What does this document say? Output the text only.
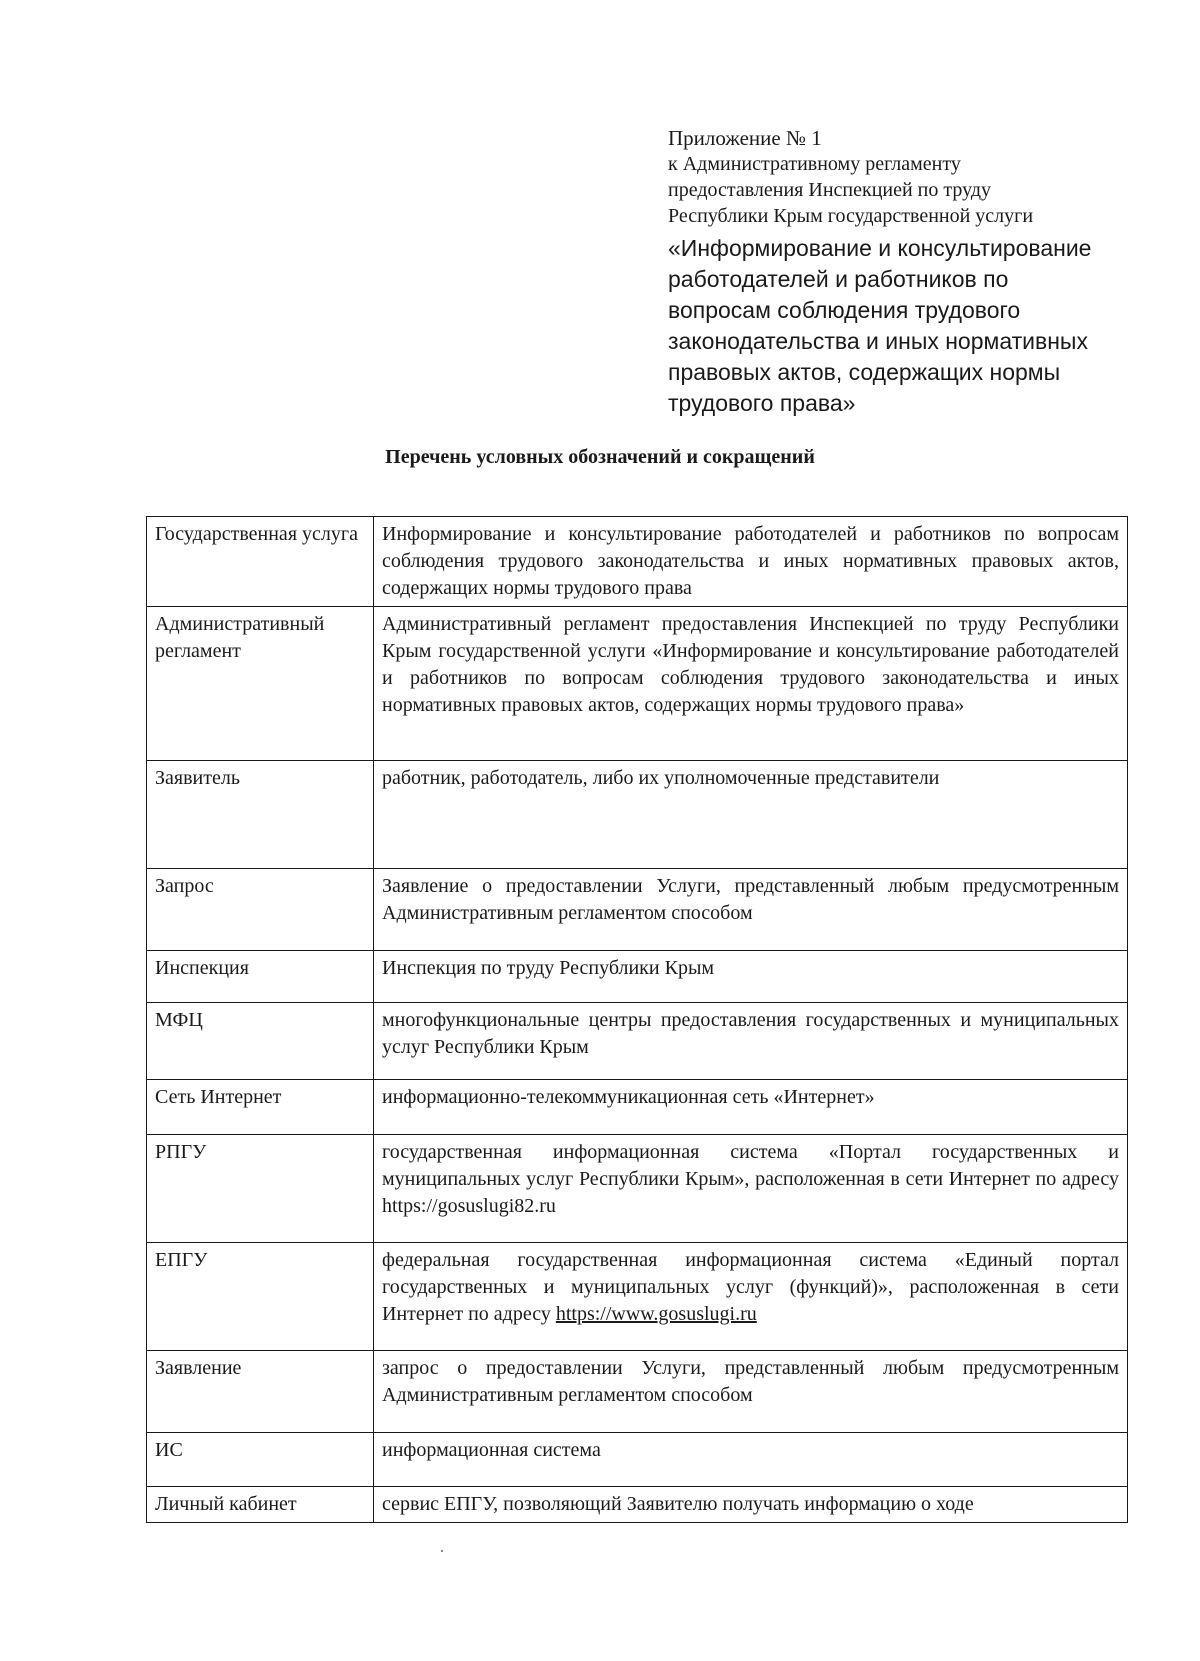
Приложение № 1
к Административному регламенту
предоставления Инспекцией по труду
Республики Крым государственной услуги
«Информирование и консультирование
работодателей и работников по
вопросам соблюдения трудового
законодательства и иных нормативных
правовых актов, содержащих нормы
трудового права»
Перечень условных обозначений и сокращений
Государственная услуга	Информирование и консультирование работодателей и работников по вопросам соблюдения трудового законодательства и иных нормативных правовых актов, содержащих нормы трудового права
Административный регламент	Административный регламент предоставления Инспекцией по труду Республики Крым государственной услуги «Информирование и консультирование работодателей и работников по вопросам соблюдения трудового законодательства и иных нормативных правовых актов, содержащих нормы трудового права»
Заявитель	работник, работодатель, либо их уполномоченные представители
Запрос	Заявление о предоставлении Услуги, представленный любым предусмотренным Административным регламентом способом
Инспекция	Инспекция по труду Республики Крым
МФЦ	многофункциональные центры предоставления государственных и муниципальных услуг Республики Крым
Сеть Интернет	информационно-телекоммуникационная сеть «Интернет»
РПГУ	государственная информационная система «Портал государственных и муниципальных услуг Республики Крым», расположенная в сети Интернет по адресу https://gosuslugi82.ru
ЕПГУ	федеральная государственная информационная система «Единый портал государственных и муниципальных услуг (функций)», расположенная в сети Интернет по адресу https://www.gosuslugi.ru
Заявление	запрос о предоставлении Услуги, представленный любым предусмотренным Административным регламентом способом
ИС	информационная система
Личный кабинет	сервис ЕПГУ, позволяющий Заявителю получать информацию о ходе
